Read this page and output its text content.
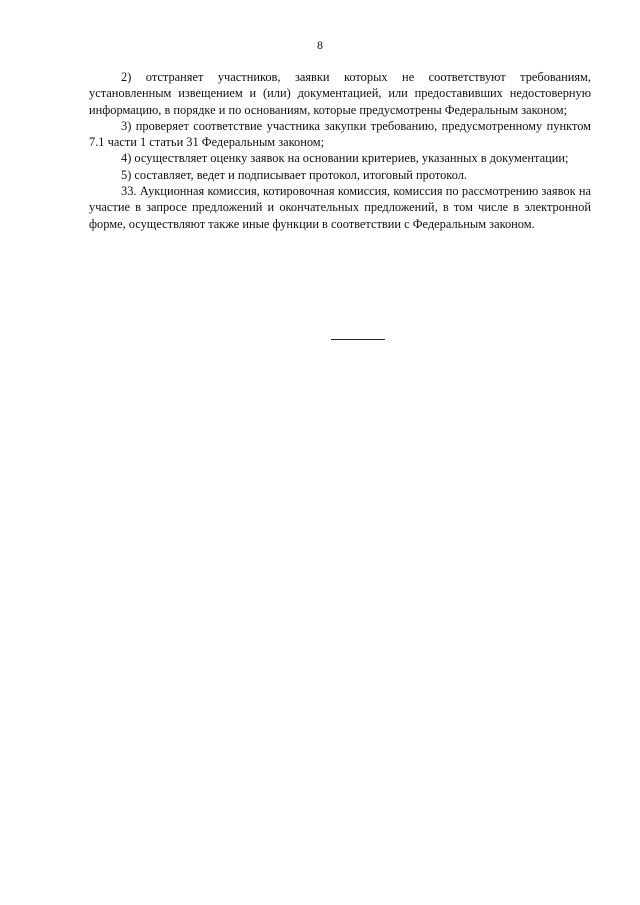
8

2) отстраняет участников, заявки которых не соответствуют требованиям, установленным извещением и (или) документацией, или предоставивших недостоверную информацию, в порядке и по основаниям, которые предусмотрены Федеральным законом;

3) проверяет соответствие участника закупки требованию, предусмотренному пунктом 7.1 части 1 статьи 31 Федеральным законом;

4) осуществляет оценку заявок на основании критериев, указанных в документации;

5) составляет, ведет и подписывает протокол, итоговый протокол.

33. Аукционная комиссия, котировочная комиссия, комиссия по рассмотрению заявок на участие в запросе предложений и окончательных предложений, в том числе в электронной форме, осуществляют также иные функции в соответствии с Федеральным законом.
